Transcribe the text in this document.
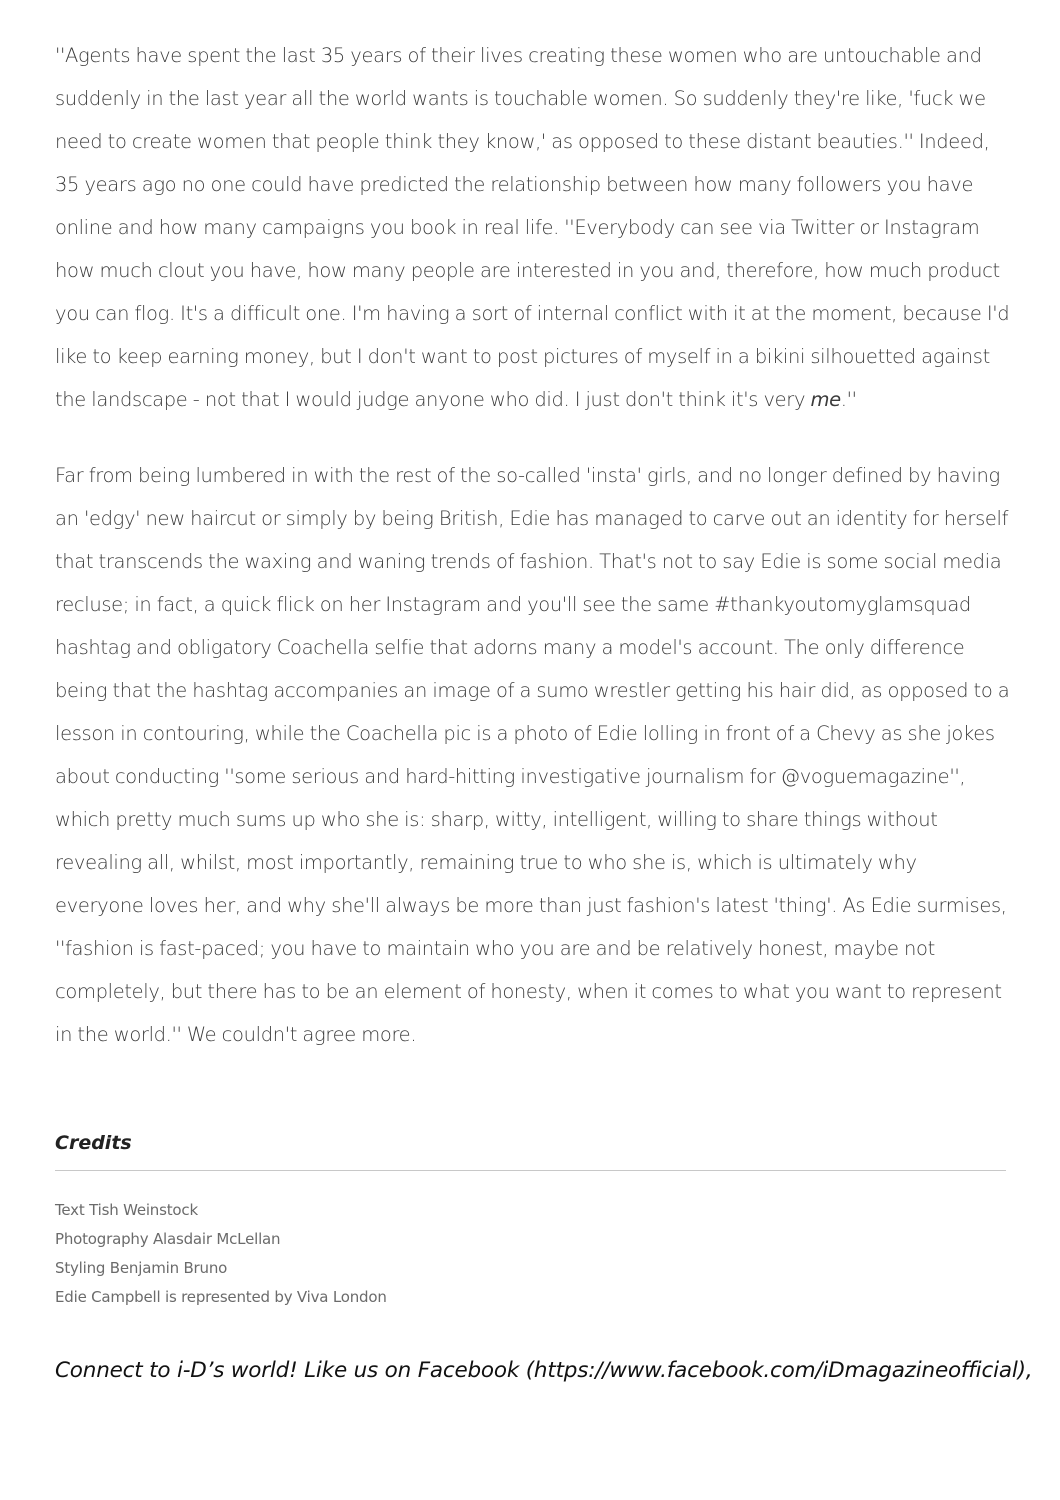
''Agents have spent the last 35 years of their lives creating these women who are untouchable and suddenly in the last year all the world wants is touchable women. So suddenly they're like, 'fuck we need to create women that people think they know,' as opposed to these distant beauties.'' Indeed, 35 years ago no one could have predicted the relationship between how many followers you have online and how many campaigns you book in real life. ''Everybody can see via Twitter or Instagram how much clout you have, how many people are interested in you and, therefore, how much product you can flog. It's a difficult one. I'm having a sort of internal conflict with it at the moment, because I'd like to keep earning money, but I don't want to post pictures of myself in a bikini silhouetted against the landscape - not that I would judge anyone who did. I just don't think it's very me.''

Far from being lumbered in with the rest of the so-called 'insta' girls, and no longer defined by having an 'edgy' new haircut or simply by being British, Edie has managed to carve out an identity for herself that transcends the waxing and waning trends of fashion. That's not to say Edie is some social media recluse; in fact, a quick flick on her Instagram and you'll see the same #thankyoutomyglamsquad hashtag and obligatory Coachella selfie that adorns many a model's account. The only difference being that the hashtag accompanies an image of a sumo wrestler getting his hair did, as opposed to a lesson in contouring, while the Coachella pic is a photo of Edie lolling in front of a Chevy as she jokes about conducting ''some serious and hard-hitting investigative journalism for @voguemagazine'', which pretty much sums up who she is: sharp, witty, intelligent, willing to share things without revealing all, whilst, most importantly, remaining true to who she is, which is ultimately why everyone loves her, and why she'll always be more than just fashion's latest 'thing'. As Edie surmises, ''fashion is fast-paced; you have to maintain who you are and be relatively honest, maybe not completely, but there has to be an element of honesty, when it comes to what you want to represent in the world.'' We couldn't agree more.

Credits
Text Tish Weinstock
Photography Alasdair McLellan
Styling Benjamin Bruno
Edie Campbell is represented by Viva London

Connect to i-D’s world! Like us on Facebook (https://www.facebook.com/iDmagazineofficial),
